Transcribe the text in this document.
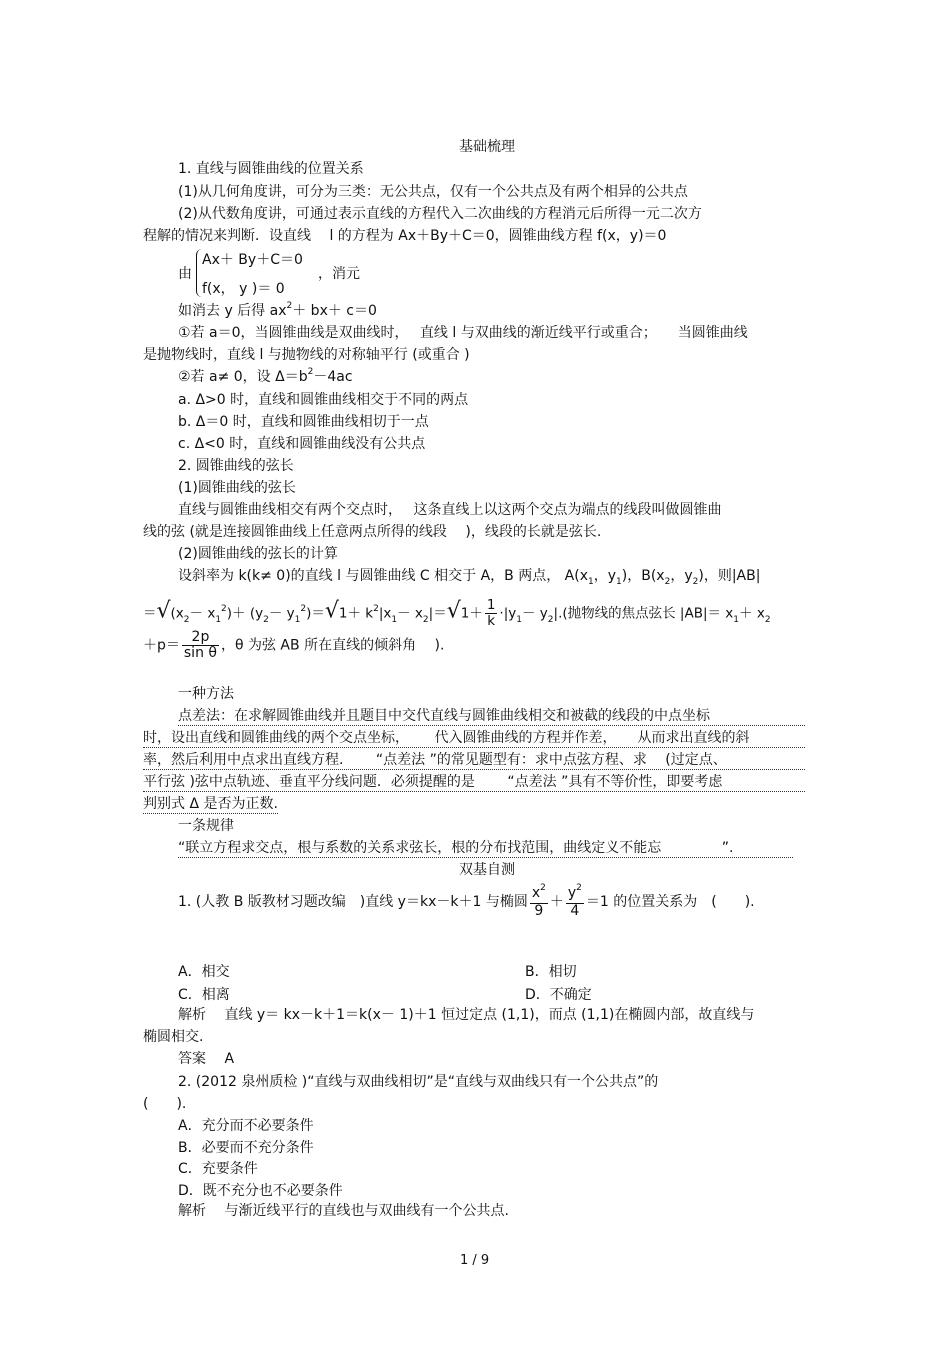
基础梳理
1. 直线与圆锥曲线的位置关系
(1)从几何角度讲，可分为三类：无公共点，仅有一个公共点及有两个相异的公共点
(2)从代数角度讲，可通过表示直线的方程代入二次曲线的方程消元后所得一元二次方
程解的情况来判断．设直线　 l 的方程为 Ax＋By＋C＝0，圆锥曲线方程 f(x，y)＝0
由
Ax＋ By＋C＝0
，消元
f(x， y )＝ 0
如消去 y 后得 $ax^2+ bx+ c=0$
①若 a＝0，当圆锥曲线是双曲线时，　 直线 l 与双曲线的渐近线平行或重合；　　当圆锥曲线
是抛物线时，直线 l 与抛物线的对称轴平行 (或重合 )
②若 a≠ 0，设 $\Delta=b^2-4ac$
a. Δ>0 时，直线和圆锥曲线相交于不同的两点
b. Δ＝0 时，直线和圆锥曲线相切于一点
c. Δ<0 时，直线和圆锥曲线没有公共点
2. 圆锥曲线的弦长
(1)圆锥曲线的弦长
直线与圆锥曲线相交有两个交点时，　 这条直线上以这两个交点为端点的线段叫做圆锥曲
线的弦 (就是连接圆锥曲线上任意两点所得的线段　 )，线段的长就是弦长.
(2)圆锥曲线的弦长的计算
设斜率为 k(k≠ 0)的直线 l 与圆锥曲线 C 相交于 A，B 两点， $A(x_1$，$y_1$)，$B(x_2$，$y_2$)，则|AB|
$=√(x_2- x_1^2)+ (y_2- y_1^2)=√1+ k^2|x_1- x_2|=√1+ \frac{1}{k} \cdot|y_1- y_2|$.(抛物线的焦点弦长 $|AB|= x_1+ x_2$
$+p= \frac{2p}{\text{sin θ}}$ ，θ 为弦 AB 所在直线的倾斜角　 ).
一种方法
点差法：在求解圆锥曲线并且题目中交代直线与圆锥曲线相交和被截的线段的中点坐标
时，设出直线和圆锥曲线的两个交点坐标，　　 代入圆锥曲线的方程并作差，　　从而求出直线的斜
率，然后利用中点求出直线方程.　　 “点差法 ”的常见题型有：求中点弦方程、求　 (过定点、
平行弦 )弦中点轨迹、垂直平分线问题．必须提醒的是　　 “点差法 ”具有不等价性，即要考虑
判别式 Δ 是否为正数.
一条规律
“联立方程求交点，根与系数的关系求弦长，根的分布找范围，曲线定义不能忘　　　　 ”.
双基自测
1. (人教 B 版教材习题改编　)直线 y＝kx－k＋1 与椭圆 $\frac{x^2}{9} + \frac{y^2}{4} =1$ 的位置关系为　(　　).
A．相交	B．相切
C．相离	D．不确定
解析　 直线 y＝ kx－k＋1＝k(x－ 1)＋1 恒过定点 (1,1)，而点 (1,1)在椭圆内部，故直线与
椭圆相交.
答案　 A
2. (2012 泉州质检 )“直线与双曲线相切”是“直线与双曲线只有一个公共点”的
(　　).
A．充分而不必要条件
B．必要而不充分条件
C．充要条件
D．既不充分也不必要条件
解析　 与渐近线平行的直线也与双曲线有一个公共点.
1 / 9
